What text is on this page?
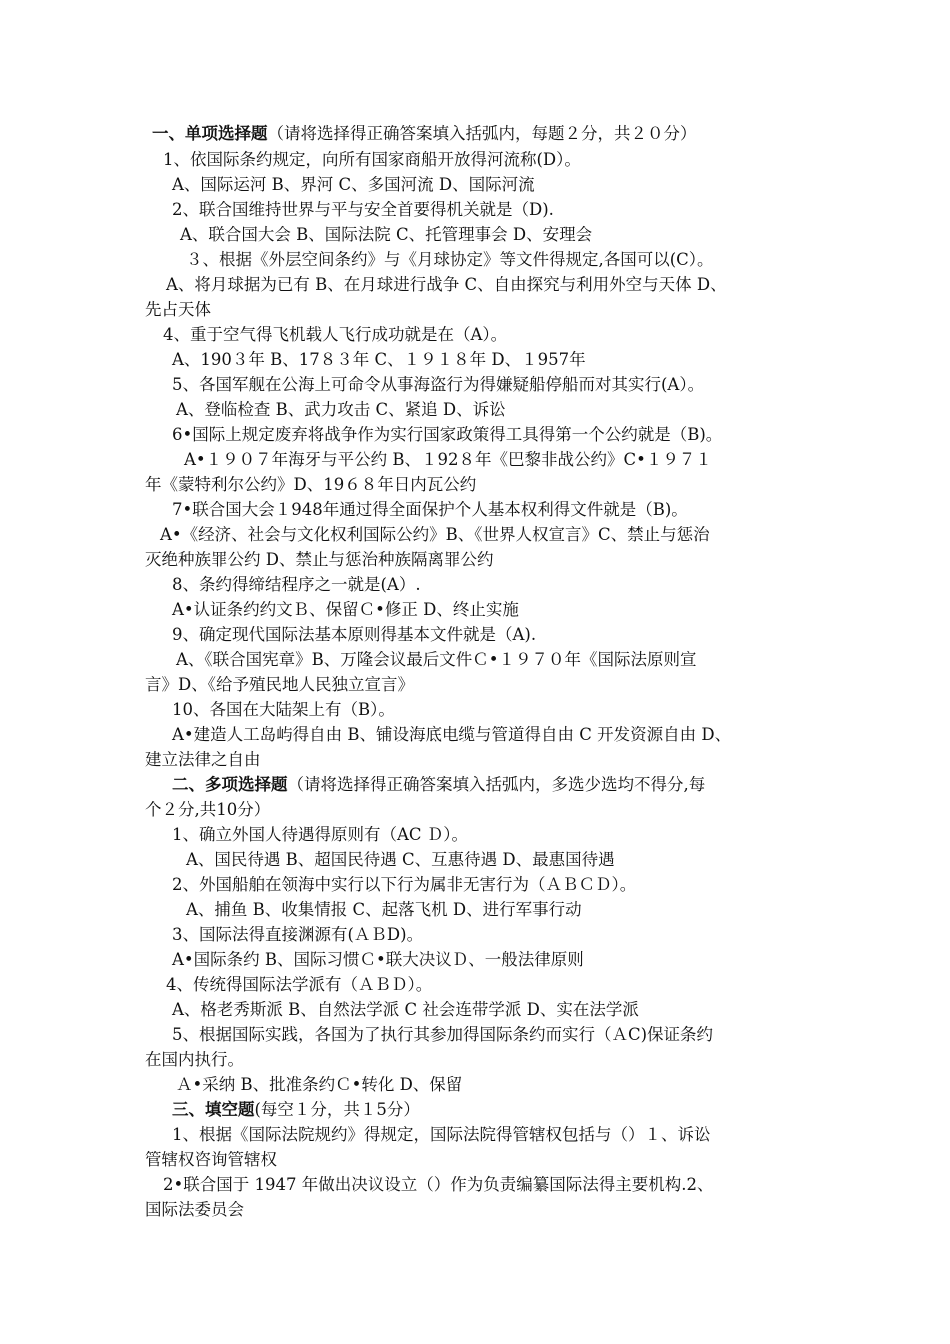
一、单项选择题（请将选择得正确答案填入括弧内，每题２分，共２０分）
1、依国际条约规定，向所有国家商船开放得河流称(D）。
A、国际运河 B、界河 C、多国河流 D、国际河流
2、联合国维持世界与平与安全首要得机关就是（D).
A、联合国大会 B、国际法院 C、托管理事会 D、安理会
３、根据《外层空间条约》与《月球协定》等文件得规定,各国可以(C）。
A、将月球据为已有 B、在月球进行战争 C、自由探究与利用外空与天体 D、
先占天体
4、重于空气得飞机载人飞行成功就是在（A）。
A、190３年 B、17８３年 C、１９１８年 D、１957年
5、各国军舰在公海上可命令从事海盗行为得嫌疑船停船而对其实行(A）。
A、登临检查 B、武力攻击 C、紧追 D、诉讼
6•国际上规定废弃将战争作为实行国家政策得工具得第一个公约就是（B)。
A•１９０７年海牙与平公约 B、１92８年《巴黎非战公约》C•１９７１
年《蒙特利尔公约》D、19６８年日内瓦公约
7•联合国大会１948年通过得全面保护个人基本权利得文件就是（B)。
A•《经济、社会与文化权利国际公约》B、《世界人权宣言》C、禁止与惩治
灭绝种族罪公约 D、禁止与惩治种族隔离罪公约
8、条约得缔结程序之一就是(A）.
A•认证条约约文Ｂ、保留Ｃ•修正 D、终止实施
9、确定现代国际法基本原则得基本文件就是（A).
A、《联合国宪章》B、万隆会议最后文件Ｃ•１９７０年《国际法原则宣
言》D、《给予殖民地人民独立宣言》
10、各国在大陆架上有（B）。
A•建造人工岛屿得自由 B、铺设海底电缆与管道得自由 C 开发资源自由 D、
建立法律之自由
二、多项选择题（请将选择得正确答案填入括弧内，多选少选均不得分,每
个２分,共10分）
1、确立外国人待遇得原则有（AC Ｄ）。
A、国民待遇 B、超国民待遇 C、互惠待遇 D、最惠国待遇
2、外国船舶在领海中实行以下行为属非无害行为（ＡＢＣＤ）。
A、捕鱼 B、收集情报 C、起落飞机 D、进行军事行动
3、国际法得直接渊源有(ＡＢD)。
A•国际条约 B、国际习惯Ｃ•联大决议Ｄ、一般法律原则
4、传统得国际法学派有（ＡＢＤ）。
A、格老秀斯派 B、自然法学派 C 社会连带学派 D、实在法学派
5、根据国际实践，各国为了执行其参加得国际条约而实行（ＡC)保证条约
在国内执行。
Ａ•采纳 B、批准条约Ｃ•转化 D、保留
三、填空题(每空１分，共１5分）
1、根据《国际法院规约》得规定，国际法院得管辖权包括与（）１、诉讼
管辖权咨询管辖权
2•联合国于 1947 年做出决议设立（）作为负责编纂国际法得主要机构.2、
国际法委员会
